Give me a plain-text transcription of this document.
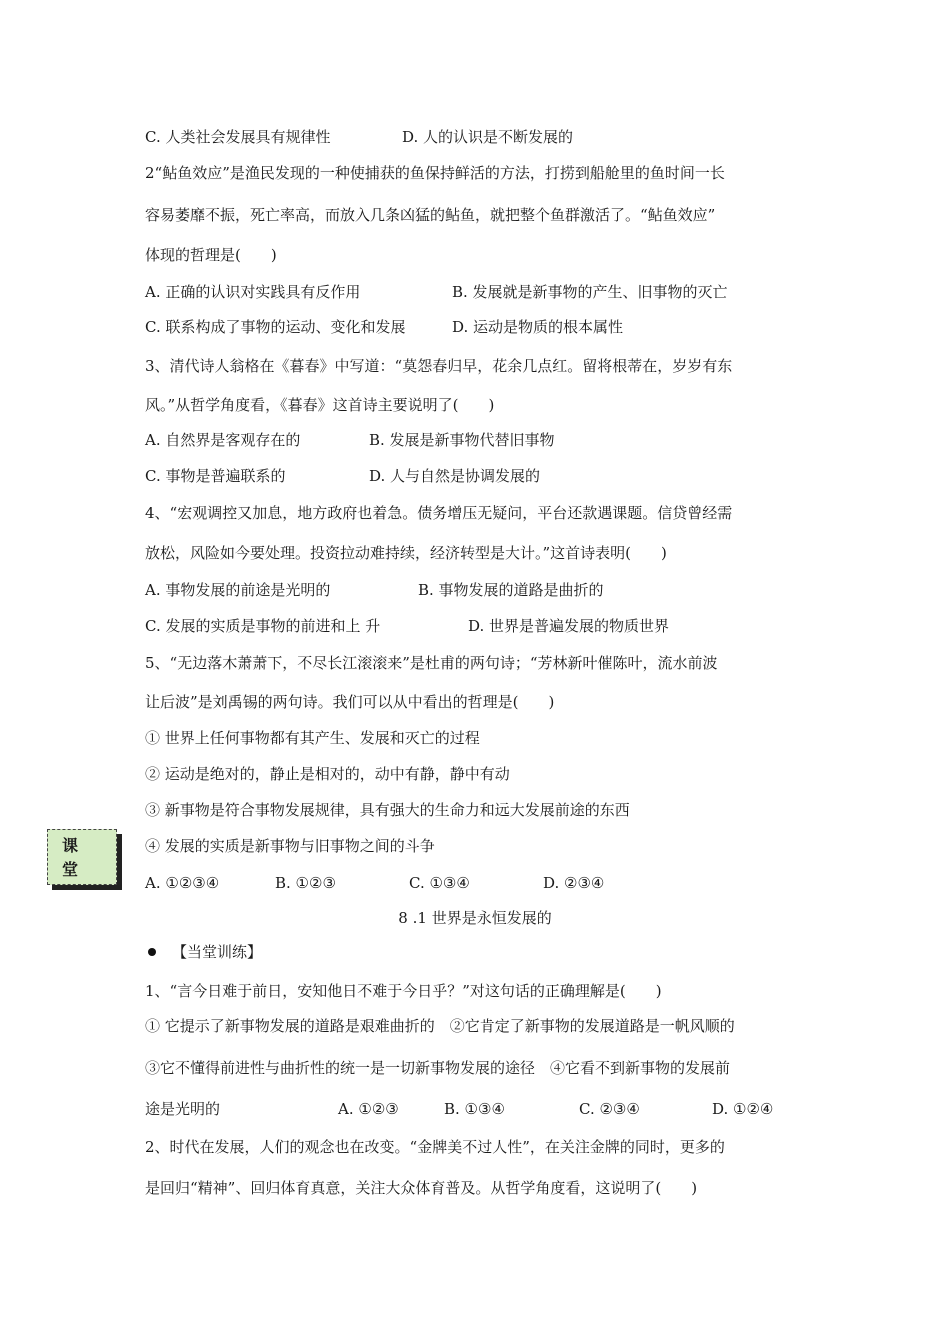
C. 人类社会发展具有规律性	D. 人的认识是不断发展的
2“鲇鱼效应”是渔民发现的一种使捕获的鱼保持鲜活的方法，打捞到船舱里的鱼时间一长
容易萎靡不振，死亡率高，而放入几条凶猛的鲇鱼，就把整个鱼群激活了。“鲇鱼效应”
体现的哲理是(　　)
A. 正确的认识对实践具有反作用	B. 发展就是新事物的产生、旧事物的灭亡
C. 联系构成了事物的运动、变化和发展	D. 运动是物质的根本属性
3、清代诗人翁格在《暮春》中写道：“莫怨春归早，花余几点红。留将根蒂在，岁岁有东
风。”从哲学角度看，《暮春》这首诗主要说明了(　　)
A. 自然界是客观存在的	B. 发展是新事物代替旧事物
C. 事物是普遍联系的	D. 人与自然是协调发展的
4、“宏观调控又加息，地方政府也着急。债务增压无疑问，平台还款遇课题。信贷曾经需
放松，风险如今要处理。投资拉动难持续，经济转型是大计。”这首诗表明(　　)
A. 事物发展的前途是光明的	B. 事物发展的道路是曲折的
C. 发展的实质是事物的前进和上 升	D. 世界是普遍发展的物质世界
5、“无边落木萧萧下，不尽长江滚滚来”是杜甫的两句诗；“芳林新叶催陈叶，流水前波
让后波”是刘禹锡的两句诗。我们可以从中看出的哲理是(　　)
① 世界上任何事物都有其产生、发展和灭亡的过程
② 运动是绝对的，静止是相对的，动中有静，静中有动
③ 新事物是符合事物发展规律，具有强大的生命力和远大发展前途的东西
④ 发展的实质是新事物与旧事物之间的斗争
A. ①②③④	B. ①②③	C. ①③④	D. ②③④
课
堂
8 .1 世界是永恒发展的
【当堂训练】
1、“言今日难于前日，安知他日不难于今日乎？”对这句话的正确理解是(　　)
① 它提示了新事物发展的道路是艰难曲折的　②它肯定了新事物的发展道路是一帆风顺的
③它不懂得前进性与曲折性的统一是一切新事物发展的途径　④它看不到新事物的发展前
途是光明的	A. ①②③	B. ①③④	C. ②③④	D. ①②④
2、时代在发展，人们的观念也在改变。“金牌美不过人性”，在关注金牌的同时，更多的
是回归“精神”、回归体育真意，关注大众体育普及。从哲学角度看，这说明了(　　)
